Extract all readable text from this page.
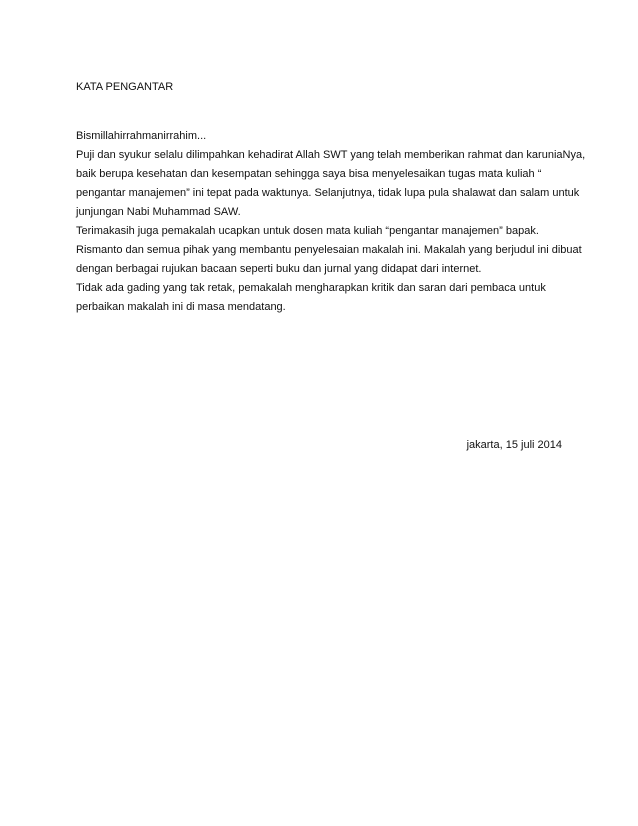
KATA PENGANTAR

Bismillahirrahmanirrahim...

Puji dan syukur selalu dilimpahkan kehadirat Allah SWT yang telah memberikan rahmat dan karuniaNya,
baik berupa kesehatan dan kesempatan sehingga saya bisa menyelesaikan tugas mata kuliah “
pengantar manajemen” ini tepat pada waktunya. Selanjutnya, tidak lupa pula shalawat dan salam untuk
junjungan Nabi Muhammad SAW.

Terimakasih juga pemakalah ucapkan untuk dosen mata kuliah “pengantar manajemen” bapak.
Rismanto dan semua pihak yang membantu penyelesaian makalah ini. Makalah yang berjudul ini dibuat
dengan berbagai rujukan bacaan seperti buku dan jurnal yang didapat dari internet.

Tidak ada gading yang tak retak, pemakalah mengharapkan kritik dan saran dari pembaca untuk
perbaikan makalah ini di masa mendatang.

jakarta, 15 juli 2014
